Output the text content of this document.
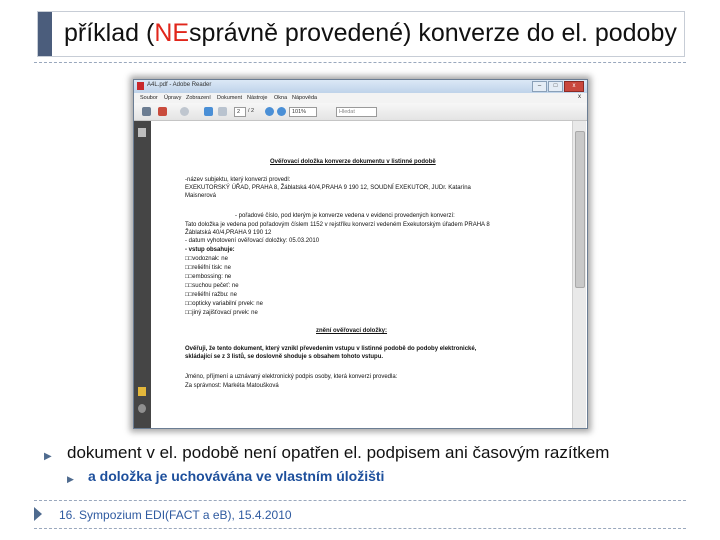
příklad (NEsprávně provedené) konverze do el. podoby
A4L.pdf - Adobe Reader	–	□	x
Soubor Úpravy Zobrazení Dokument Nástroje Okna Nápověda	x
2	/ 2	101%	Hledat
Ověřovací doložka konverze dokumentu v listinné podobě
-název subjektu, který konverzi provedl:
EXEKUTORSKÝ ÚŘAD, PRAHA 8, Žáblatská 40/4,PRAHA 9 190 12, SOUDNÍ EXEKUTOR, JUDr. Katarína
Maisnerová
- pořadové číslo, pod kterým je konverze vedena v evidenci provedených konverzí:
Tato doložka je vedena pod pořadovým číslem 1152 v rejstříku konverzí vedeném Exekutorským úřadem PRAHA 8
Žáblatská 40/4,PRAHA 9 190 12
- datum vyhotovení ověřovací doložky: 05.03.2010
- vstup obsahuje:
□□vodoznak: ne
□□reliéfní tisk: ne
□□embossing: ne
□□suchou pečeť: ne
□□reliéfní ražbu: ne
□□opticky variabilní prvek: ne
□□jiný zajišťovací prvek: ne
znění ověřovací doložky:
Ověřuji, že tento dokument, který vznikl převedením vstupu v listinné podobě do podoby elektronické,
skládající se z 3 listů, se doslovně shoduje s obsahem tohoto vstupu.
Jméno, příjmení a uznávaný elektronický podpis osoby, která konverzi provedla:
Za správnost: Markéta Matoušková
▶ dokument v el. podobě není opatřen el. podpisem ani časovým razítkem
▶ a doložka je uchovávána ve vlastním úložišti
16. Sympozium EDI(FACT a eB), 15.4.2010
